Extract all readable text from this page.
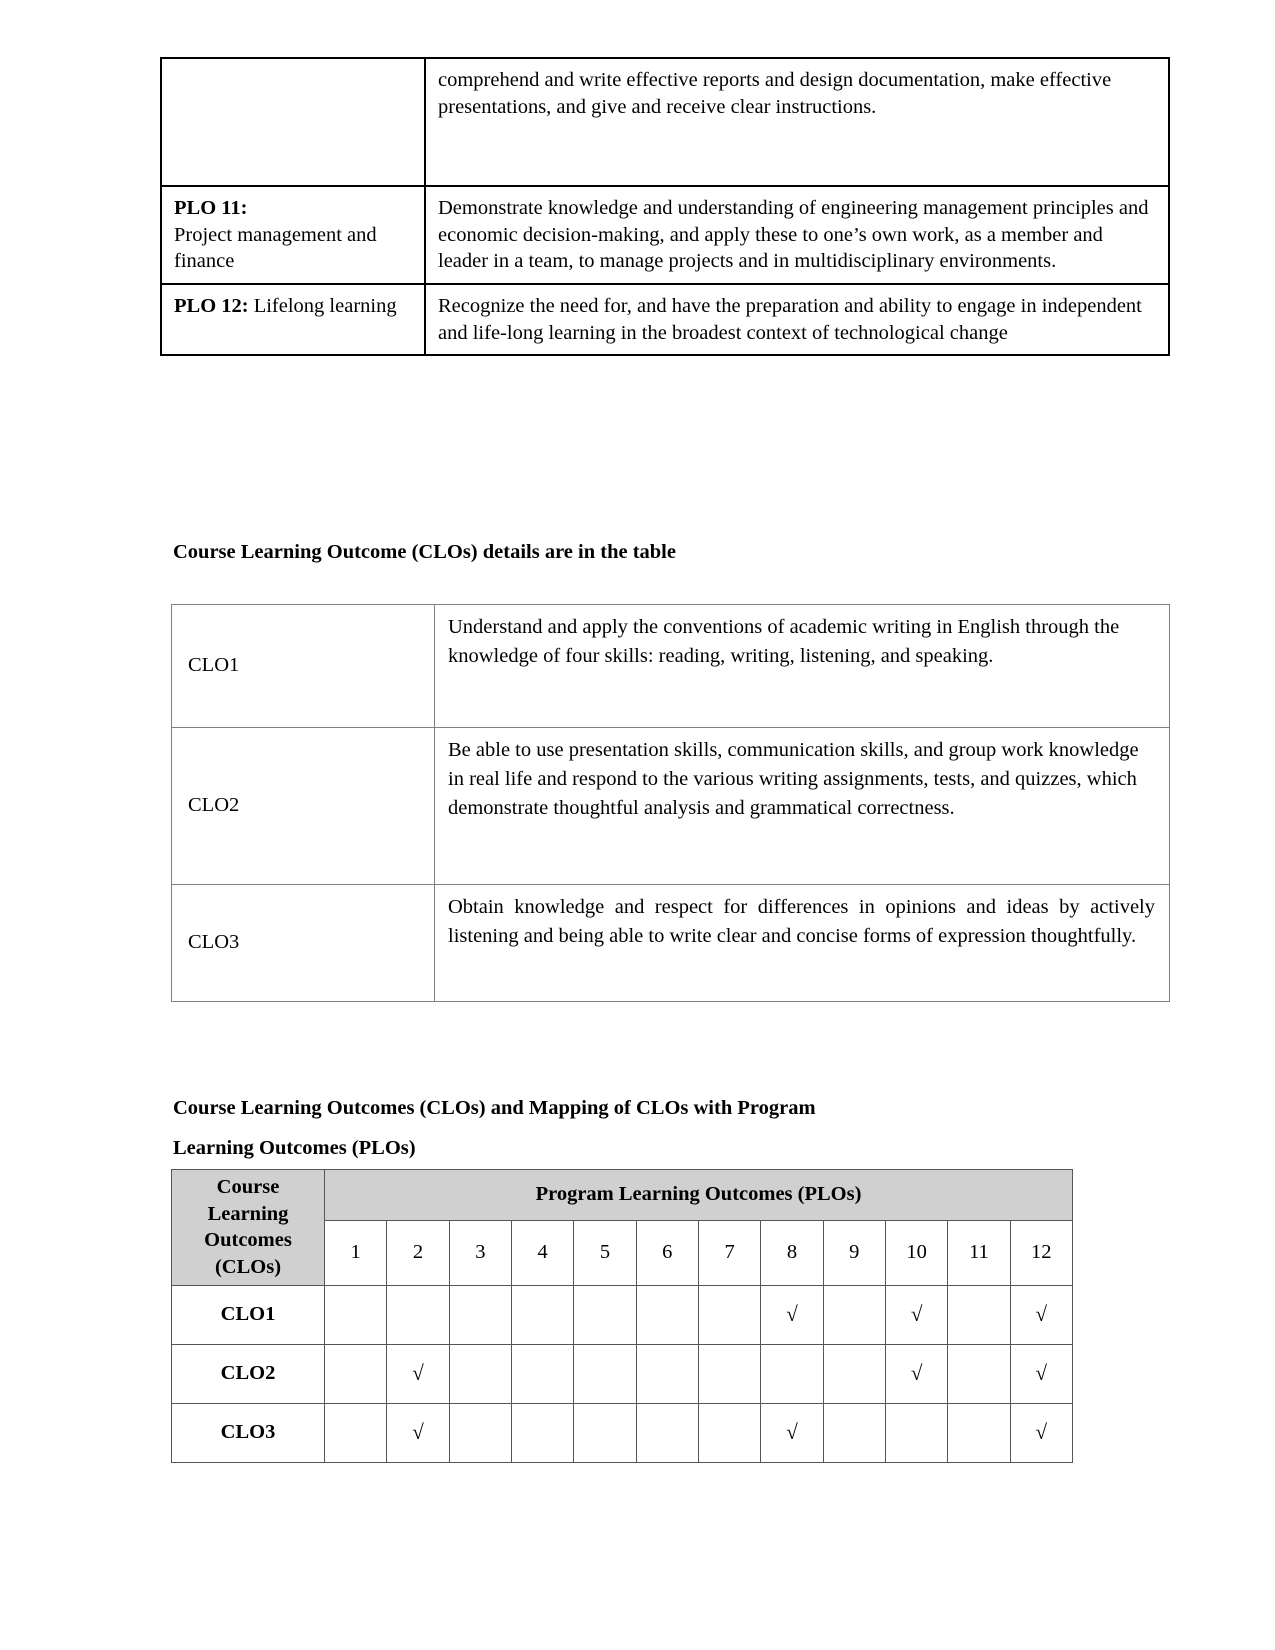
	comprehend and write effective reports and design documentation, make effective presentations, and give and receive clear instructions.

PLO 11:
Project management and finance	Demonstrate knowledge and understanding of engineering management principles and economic decision-making, and apply these to one’s own work, as a member and leader in a team, to manage projects and in multidisciplinary environments.
PLO 12: Lifelong learning	Recognize the need for, and have the preparation and ability to engage in independent and life-long learning in the broadest context of technological change
Course Learning Outcome (CLOs) details are in the table
CLO1	Understand and apply the conventions of academic writing in English through the knowledge of four skills: reading, writing, listening, and speaking.
CLO2	Be able to use presentation skills, communication skills, and group work knowledge in real life and respond to the various writing assignments, tests, and quizzes, which demonstrate thoughtful analysis and grammatical correctness.
CLO3	Obtain knowledge and respect for differences in opinions and ideas by actively listening and being able to write clear and concise forms of expression thoughtfully.
Course Learning Outcomes (CLOs) and Mapping of CLOs with Program
Learning Outcomes (PLOs)
Course
Learning
Outcomes
(CLOs)	Program Learning Outcomes (PLOs)											
	1	2	3	4	5	6	7	8	9	10	11	12
CLO1								√		√		√
CLO2		√								√		√
CLO3		√						√				√
